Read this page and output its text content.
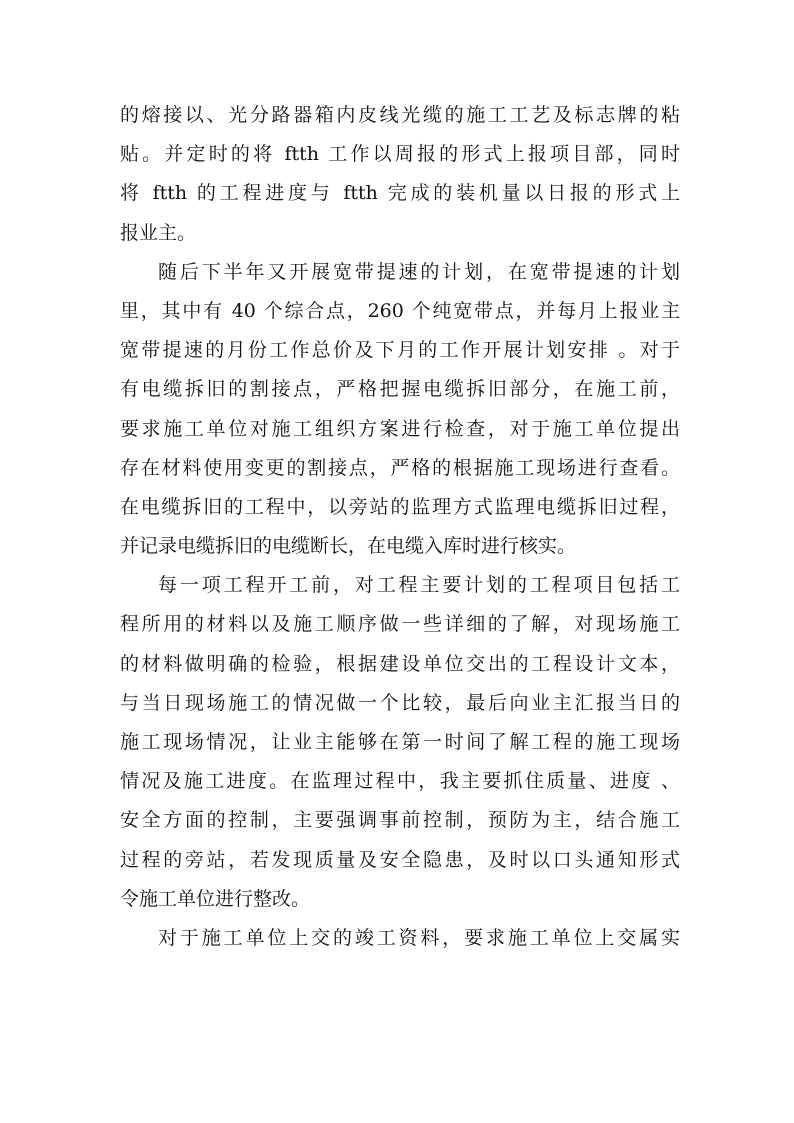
的熔接以、光分路器箱内皮线光缆的施工工艺及标志牌的粘
贴。并定时的将 ftth 工作以周报的形式上报项目部，同时
将 ftth 的工程进度与 ftth 完成的装机量以日报的形式上
报业主。
随后下半年又开展宽带提速的计划，在宽带提速的计划
里，其中有 40 个综合点，260 个纯宽带点，并每月上报业主
宽带提速的月份工作总价及下月的工作开展计划安排 。对于
有电缆拆旧的割接点，严格把握电缆拆旧部分，在施工前，
要求施工单位对施工组织方案进行检查，对于施工单位提出
存在材料使用变更的割接点，严格的根据施工现场进行查看。
在电缆拆旧的工程中，以旁站的监理方式监理电缆拆旧过程，
并记录电缆拆旧的电缆断长，在电缆入库时进行核实。
每一项工程开工前，对工程主要计划的工程项目包括工
程所用的材料以及施工顺序做一些详细的了解，对现场施工
的材料做明确的检验，根据建设单位交出的工程设计文本，
与当日现场施工的情况做一个比较，最后向业主汇报当日的
施工现场情况，让业主能够在第一时间了解工程的施工现场
情况及施工进度。在监理过程中，我主要抓住质量、进度 、
安全方面的控制，主要强调事前控制，预防为主，结合施工
过程的旁站，若发现质量及安全隐患，及时以口头通知形式
令施工单位进行整改。
对于施工单位上交的竣工资料，要求施工单位上交属实
